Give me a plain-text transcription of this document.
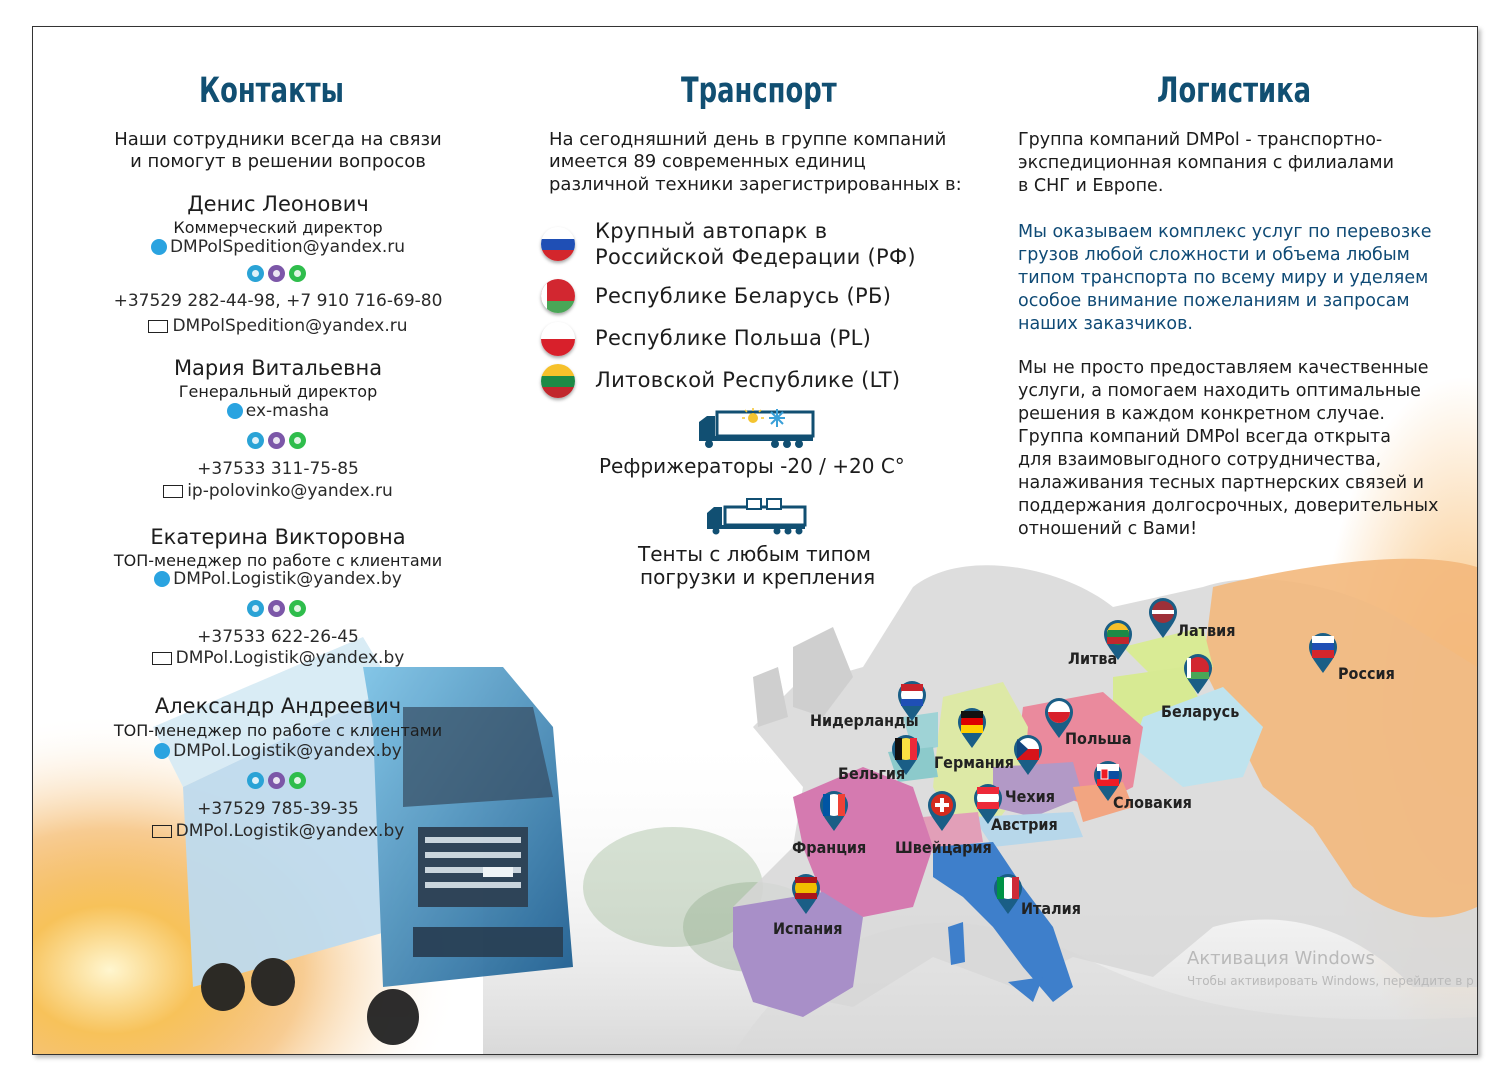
Контакты
Наши сотрудники всегда на связи
и помогут в решении вопросов
Денис Леонович
Коммерческий директор
DMPolSpedition@yandex.ru
+37529 282-44-98, +7 910 716-69-80
DMPolSpedition@yandex.ru
Мария Витальевна
Генеральный директор
ex-masha
+37533 311-75-85
ip-polovinko@yandex.ru
Екатерина Викторовна
ТОП-менеджер по работе с клиентами
DMPol.Logistik@yandex.by
+37533 622-26-45
DMPol.Logistik@yandex.by
Александр Андреевич
ТОП-менеджер по работе с клиентами
DMPol.Logistik@yandex.by
+37529 785-39-35
DMPol.Logistik@yandex.by
Транспорт
На сегодняшний день в группе компаний
имеется 89 современных единиц
различной техники зарегистрированных в:
Крупный автопарк в
Российской Федерации (РФ)
Республике Беларусь (РБ)
Республике Польша (PL)
Литовской Республике (LT)
Рефрижераторы -20 / +20 С°
Тенты с любым типом
погрузки и крепления
Логистика
Группа компаний DMPol - транспортно-
экспедиционная компания с филиалами
в СНГ и Европе.
Мы оказываем комплекс услуг по перевозке
грузов любой сложности и объема любым
типом транспорта по всему миру и уделяем
особое внимание пожеланиям и запросам
наших заказчиков.
Мы не просто предоставляем качественные
услуги, а помогаем находить оптимальные
решения в каждом конкретном случае.
Группа компаний DMPol всегда открыта
для взаимовыгодного сотрудничества,
налаживания тесных партнерских связей и
поддержания долгосрочных, доверительных
отношений с Вами!
Латвия
Литва
Россия
Беларусь
Польша
Нидерланды
Германия
Бельгия
Чехия	Словакия
Франция Швейцария
Австрия
Италия
Испания
Активация Windows
Чтобы активировать Windows, перейдите в р
